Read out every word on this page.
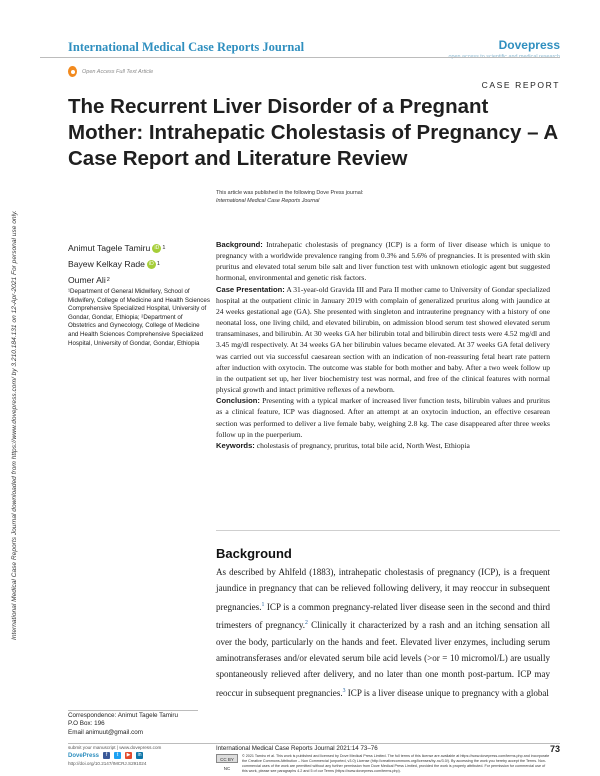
International Medical Case Reports Journal downloaded from https://www.dovepress.com/ by 3.210.184.131 on 12-Apr-2021 For personal use only.
International Medical Case Reports Journal	Dovepress
open access to scientific and medical research
Open Access Full Text Article
CASE REPORT
The Recurrent Liver Disorder of a Pregnant Mother: Intrahepatic Cholestasis of Pregnancy – A Case Report and Literature Review
This article was published in the following Dove Press journal:
International Medical Case Reports Journal
Animut Tagele Tamiru iD 1
Bayew Kelkay Rade iD 1
Oumer Ali 2
¹Department of General Midwifery, School of Midwifery, College of Medicine and Health Sciences Comprehensive Specialized Hospital, University of Gondar, Gondar, Ethiopia; ²Department of Obstetrics and Gynecology, College of Medicine and Health Sciences Comprehensive Specialized Hospital, University of Gondar, Gondar, Ethiopia

Background: Intrahepatic cholestasis of pregnancy (ICP) is a form of liver disease which is unique to pregnancy with a worldwide prevalence ranging from 0.3% and 5.6% of pregnancies. It is presented with skin pruritus and elevated total serum bile salt and liver function test with unknown etiologic agent but suggested hormonal, environmental and genetic risk factors.

Case Presentation: A 31-year-old Gravida III and Para II mother came to University of Gondar specialized hospital at the outpatient clinic in January 2019 with complain of generalized pruritus along with jaundice at 24 weeks gestational age (GA). She presented with singleton and intrauterine pregnancy with a history of one neonatal loss, one living child, and elevated bilirubin, on admission blood serum test showed elevated serum transaminases, and bilirubin. At 30 weeks GA her bilirubin total and bilirubin direct tests were 4.52 mg/dl and 3.45 mg/dl respectively. At 34 weeks GA her bilirubin values became elevated. At 37 weeks GA fetal delivery was carried out via successful caesarean section with an indication of non-reassuring fetal heart rate pattern after induction with oxytocin. The outcome was stable for both mother and baby. After a two week follow up in the outpatient set up, her liver biochemistry test was normal, and free of the clinical features with normal physical growth and intact primitive reflexes of a newborn.

Conclusion: Presenting with a typical marker of increased liver function tests, bilirubin values and pruritus as a clinical feature, ICP was diagnosed. After an attempt at an oxytocin induction, an effective cesarean section was performed to deliver a live female baby, weighing 2.8 kg. The case disappeared after three weeks follow up in the puerperium.

Keywords: cholestasis of pregnancy, pruritus, total bile acid, North West, Ethiopia

Background
As described by Ahlfeld (1883), intrahepatic cholestasis of pregnancy (ICP), is a frequent jaundice in pregnancy that can be relieved following delivery, it may reoccur in subsequent pregnancies.$^1$ ICP is a common pregnancy-related liver disease seen in the second and third trimesters of pregnancy.$^2$ Clinically it characterized by a rash and an itching sensation all over the body, particularly on the hands and feet. Elevated liver enzymes, including serum aminotransferases and/or elevated serum bile acid levels (>or = 10 micromol/L) are usually spontaneously relieved after delivery, and no later than one month post-partum. ICP may reoccur in subsequent pregnancies.$^3$ ICP is a liver disease unique to pregnancy with a global
Correspondence: Animut Tagele Tamiru
P.O Box: 196
Email animuut@gmail.com
submit your manuscript | www.dovepress.com
DovePress	f	t	▶	in
http://doi.org/10.2147/IMCRJ.S291024
International Medical Case Reports Journal 2021:14 73–76	73
CC BY NC
© 2021 Tamiru et al. This work is published and licensed by Dove Medical Press Limited. The full terms of this license are available at https://www.dovepress.com/terms.php and incorporate the Creative Commons Attribution – Non Commercial (unported, v3.0) License (http://creativecommons.org/licenses/by-nc/3.0/). By accessing the work you hereby accept the Terms. Non-commercial uses of the work are permitted without any further permission from Dove Medical Press Limited, provided the work is properly attributed. For permission for commercial use of this work, please see paragraphs 4.2 and 5 of our Terms (https://www.dovepress.com/terms.php).
